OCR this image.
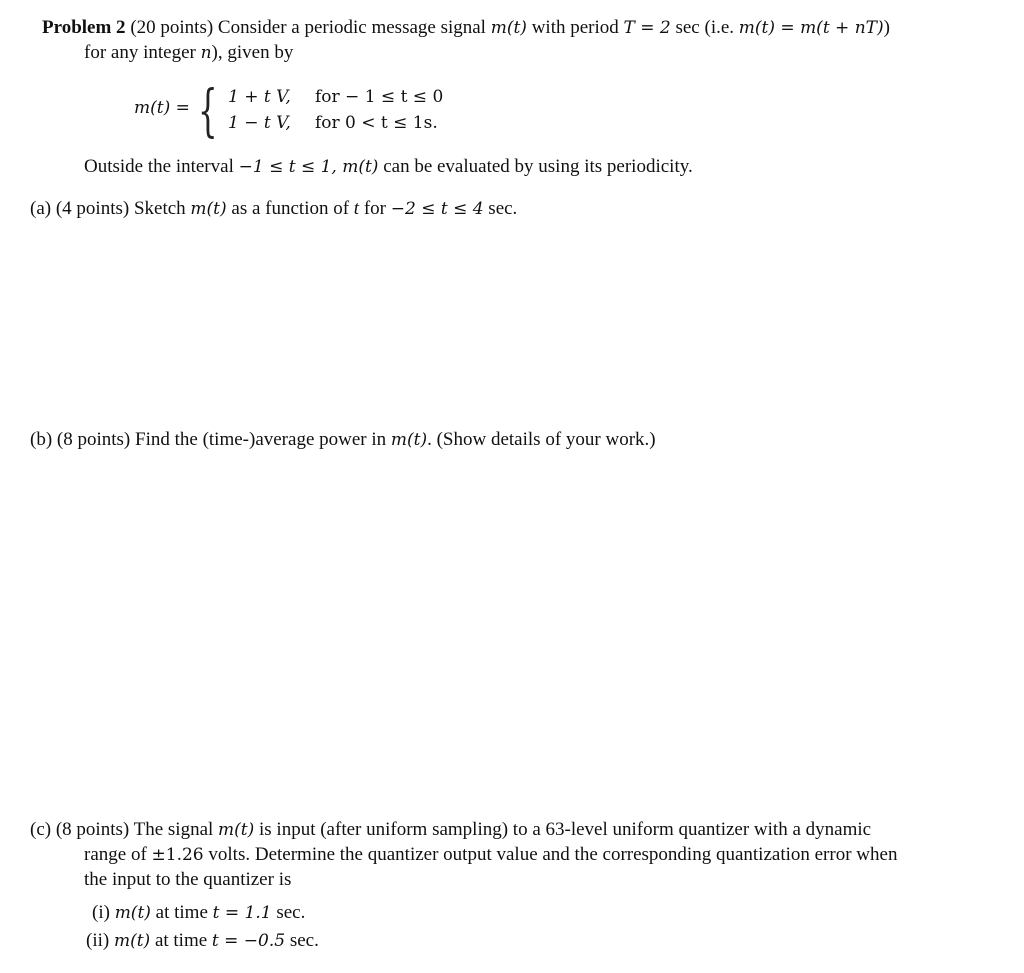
Problem 2 (20 points) Consider a periodic message signal m(t) with period T = 2 sec (i.e. m(t) = m(t + nT))
for any integer n), given by
m(t) = { 1 + t V,
1 − t V,
for − 1 ≤ t ≤ 0
for 0 < t ≤ 1s.
Outside the interval −1 ≤ t ≤ 1, m(t) can be evaluated by using its periodicity.
(a) (4 points) Sketch m(t) as a function of t for −2 ≤ t ≤ 4 sec.
(b) (8 points) Find the (time-)average power in m(t). (Show details of your work.)
(c) (8 points) The signal m(t) is input (after uniform sampling) to a 63-level uniform quantizer with a dynamic
range of ±1.26 volts. Determine the quantizer output value and the corresponding quantization error when
the input to the quantizer is
(i) m(t) at time t = 1.1 sec.
(ii) m(t) at time t = −0.5 sec.
